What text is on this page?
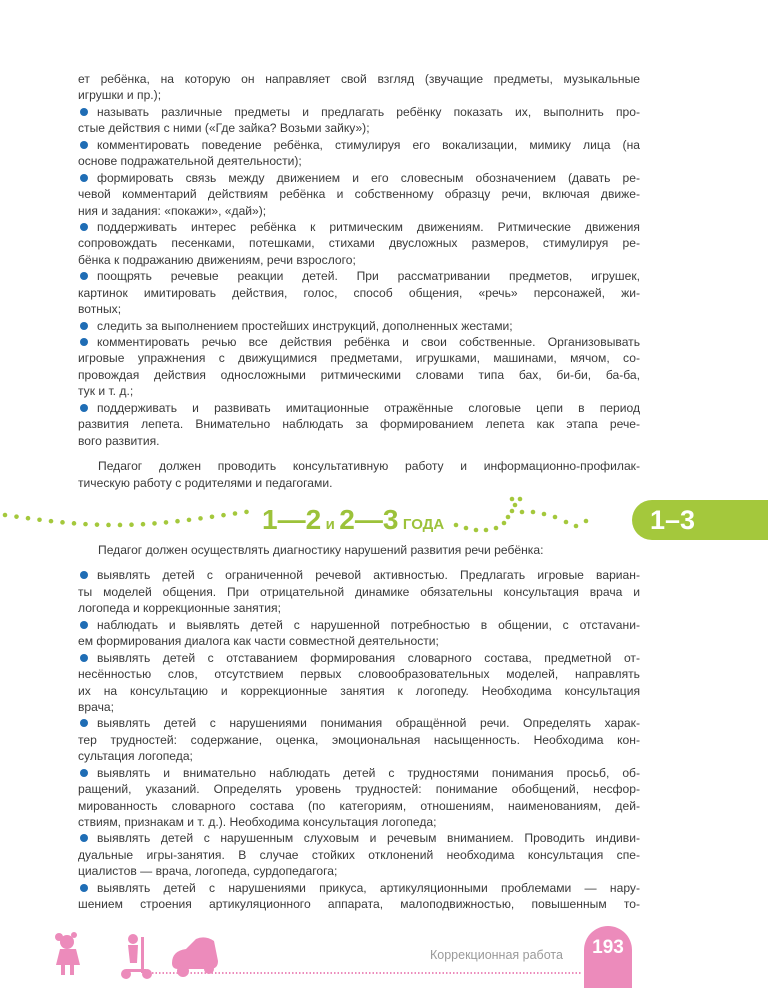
ет ребёнка, на которую он направляет свой взгляд (звучащие предметы, музыкальные
игрушки и пр.);
называть различные предметы и предлагать ребёнку показать их, выполнить про-
стые действия с ними («Где зайка? Возьми зайку»);
комментировать поведение ребёнка, стимулируя его вокализации, мимику лица (на
основе подражательной деятельности);
формировать связь между движением и его словесным обозначением (давать ре-
чевой комментарий действиям ребёнка и собственному образцу речи, включая движе-
ния и задания: «покажи», «дай»);
поддерживать интерес ребёнка к ритмическим движениям. Ритмические движения
сопровождать песенками, потешками, стихами двусложных размеров, стимулируя ре-
бёнка к подражанию движениям, речи взрослого;
поощрять речевые реакции детей. При рассматривании предметов, игрушек,
картинок имитировать действия, голос, способ общения, «речь» персонажей, жи-
вотных;
следить за выполнением простейших инструкций, дополненных жестами;
комментировать речью все действия ребёнка и свои собственные. Организовывать
игровые упражнения с движущимися предметами, игрушками, машинами, мячом, со-
провождая действия односложными ритмическими словами типа бах, би-би, ба-ба,
тук и т. д.;
поддерживать и развивать имитационные отражённые слоговые цепи в период
развития лепета. Внимательно наблюдать за формированием лепета как этапа рече-
вого развития.
Педагог должен проводить консультативную работу и информационно-профилак-
тическую работу с родителями и педагогами.
1—2 и 2—3 ГОДА	1–3
Педагог должен осуществлять диагностику нарушений развития речи ребёнка:
выявлять детей с ограниченной речевой активностью. Предлагать игровые вариан-
ты моделей общения. При отрицательной динамике обязательны консультация врача и
логопеда и коррекционные занятия;
наблюдать и выявлять детей с нарушенной потребностью в общении, с отстavани-
ем формирования диалога как части совместной деятельности;
выявлять детей с отставанием формирования словарного состава, предметной от-
несённостью слов, отсутствием первых словообразовательных моделей, направлять
их на консультацию и коррекционные занятия к логопеду. Необходима консультация
врача;
выявлять детей с нарушениями понимания обращённой речи. Определять харак-
тер трудностей: содержание, оценка, эмоциональная насыщенность. Необходима кон-
сультация логопеда;
выявлять и внимательно наблюдать детей с трудностями понимания просьб, об-
ращений, указаний. Определять уровень трудностей: понимание обобщений, несфор-
мированность словарного состава (по категориям, отношениям, наименованиям, дей-
ствиям, признакам и т. д.). Необходима консультация логопеда;
выявлять детей с нарушенным слуховым и речевым вниманием. Проводить индиви-
дуальные игры-занятия. В случае стойких отклонений необходима консультация спе-
циалистов — врача, логопеда, сурдопедагога;
выявлять детей с нарушениями прикуса, артикуляционными проблемами — нару-
шением строения артикуляционного аппарата, малоподвижностью, повышенным то-
Коррекционная работа	193
